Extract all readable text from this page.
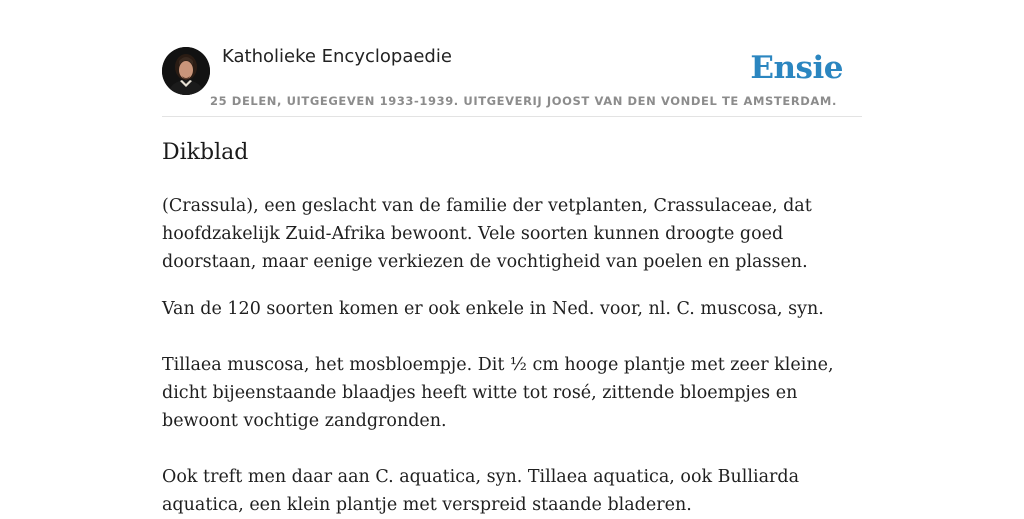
Katholieke Encyclopaedie	Ensie
25 DELEN, UITGEGEVEN 1933-1939. UITGEVERIJ JOOST VAN DEN VONDEL TE AMSTERDAM.
Dikblad

(Crassula), een geslacht van de familie der vetplanten, Crassulaceae, dat hoofdzakelijk Zuid-Afrika bewoont. Vele soorten kunnen droogte goed doorstaan, maar eenige verkiezen de vochtigheid van poelen en plassen.

Van de 120 soorten komen er ook enkele in Ned. voor, nl. C. muscosa, syn.

Tillaea muscosa, het mosbloempje. Dit ½ cm hooge plantje met zeer kleine, dicht bijeenstaande blaadjes heeft witte tot rosé, zittende bloempjes en bewoont vochtige zandgronden.

Ook treft men daar aan C. aquatica, syn. Tillaea aquatica, ook Bulliarda aquatica, een klein plantje met verspreid staande bladeren.
